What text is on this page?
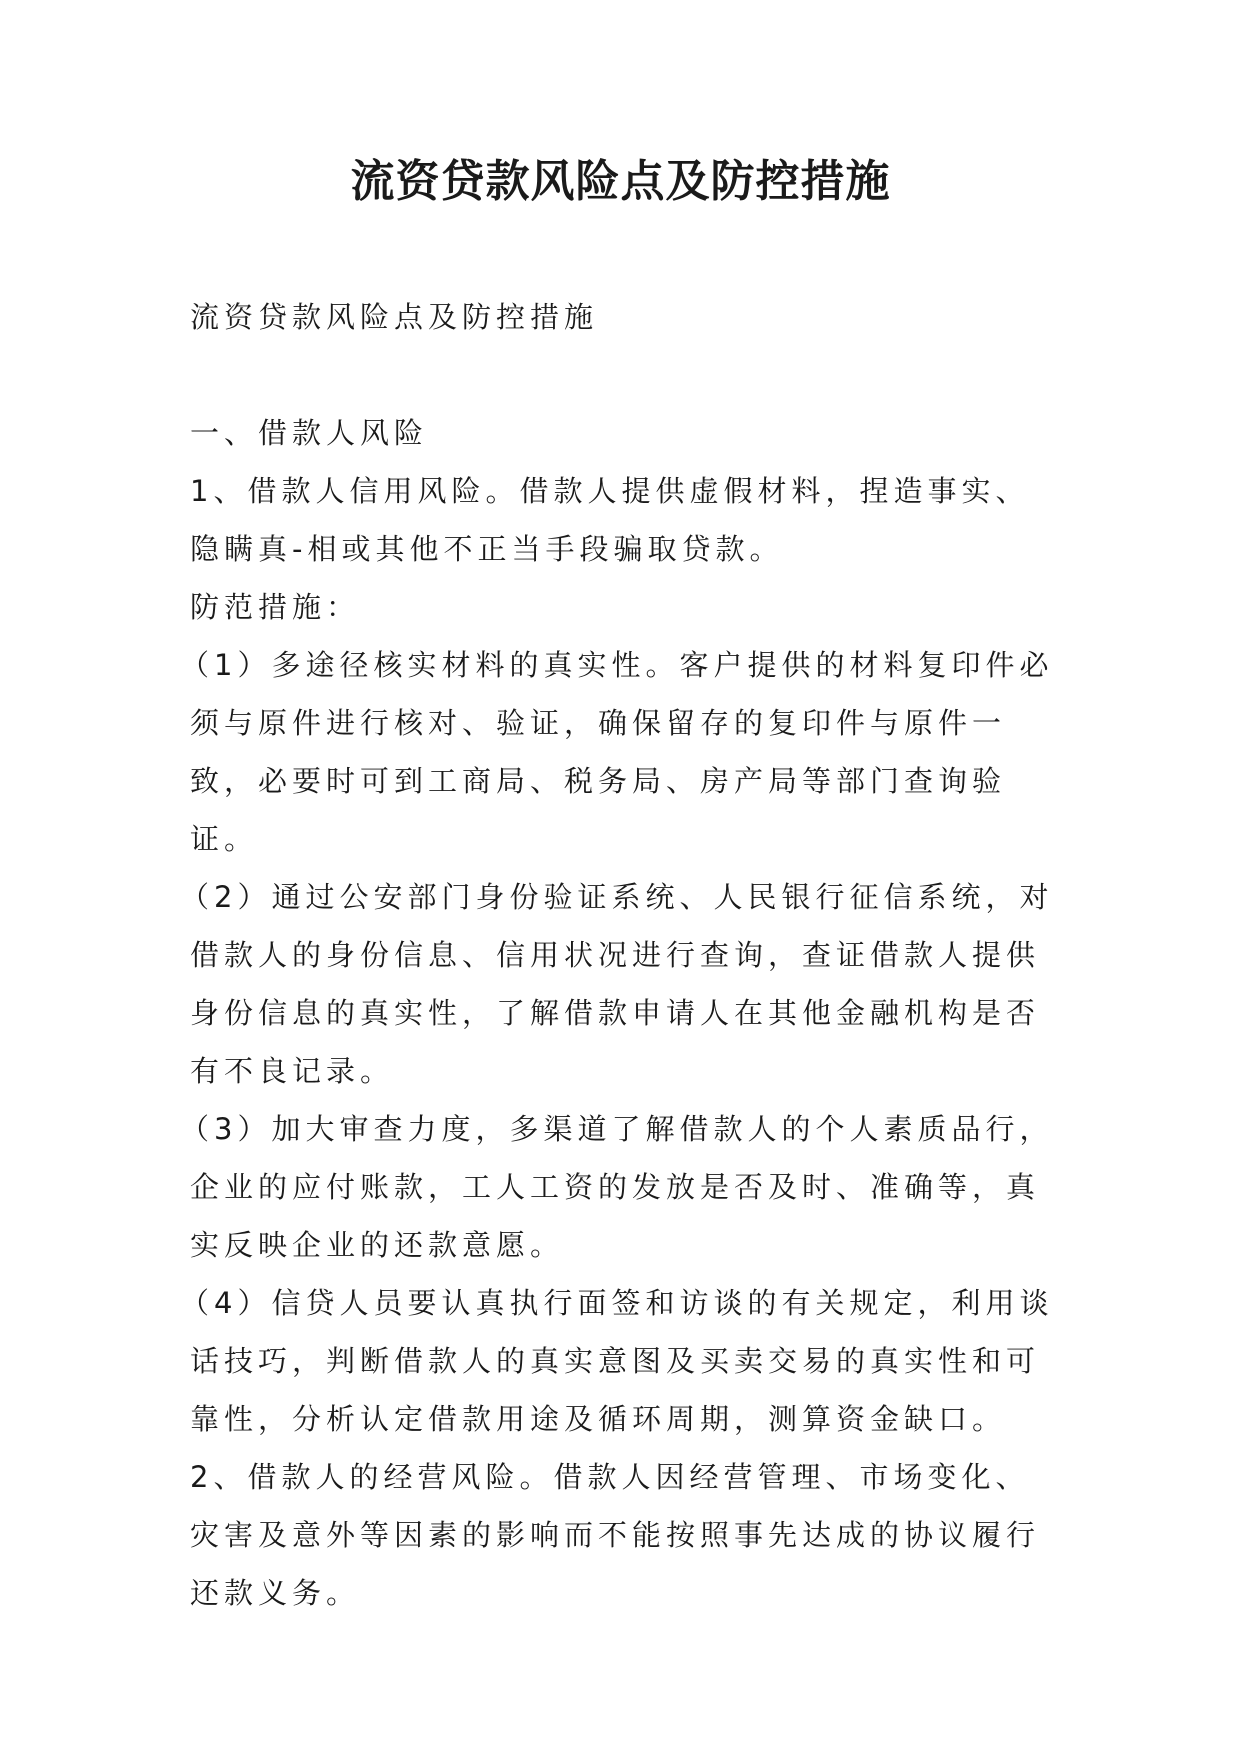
流资贷款风险点及防控措施

流资贷款风险点及防控措施

一、借款人风险

1、借款人信用风险。借款人提供虚假材料，捏造事实、隐瞒真-相或其他不正当手段骗取贷款。

防范措施：

（1）多途径核实材料的真实性。客户提供的材料复印件必须与原件进行核对、验证，确保留存的复印件与原件一致，必要时可到工商局、税务局、房产局等部门查询验证。

（2）通过公安部门身份验证系统、人民银行征信系统，对借款人的身份信息、信用状况进行查询，查证借款人提供身份信息的真实性，了解借款申请人在其他金融机构是否有不良记录。

（3）加大审查力度，多渠道了解借款人的个人素质品行，企业的应付账款，工人工资的发放是否及时、准确等，真实反映企业的还款意愿。

（4）信贷人员要认真执行面签和访谈的有关规定，利用谈话技巧，判断借款人的真实意图及买卖交易的真实性和可靠性，分析认定借款用途及循环周期，测算资金缺口。

2、借款人的经营风险。借款人因经营管理、市场变化、灾害及意外等因素的影响而不能按照事先达成的协议履行还款义务。
